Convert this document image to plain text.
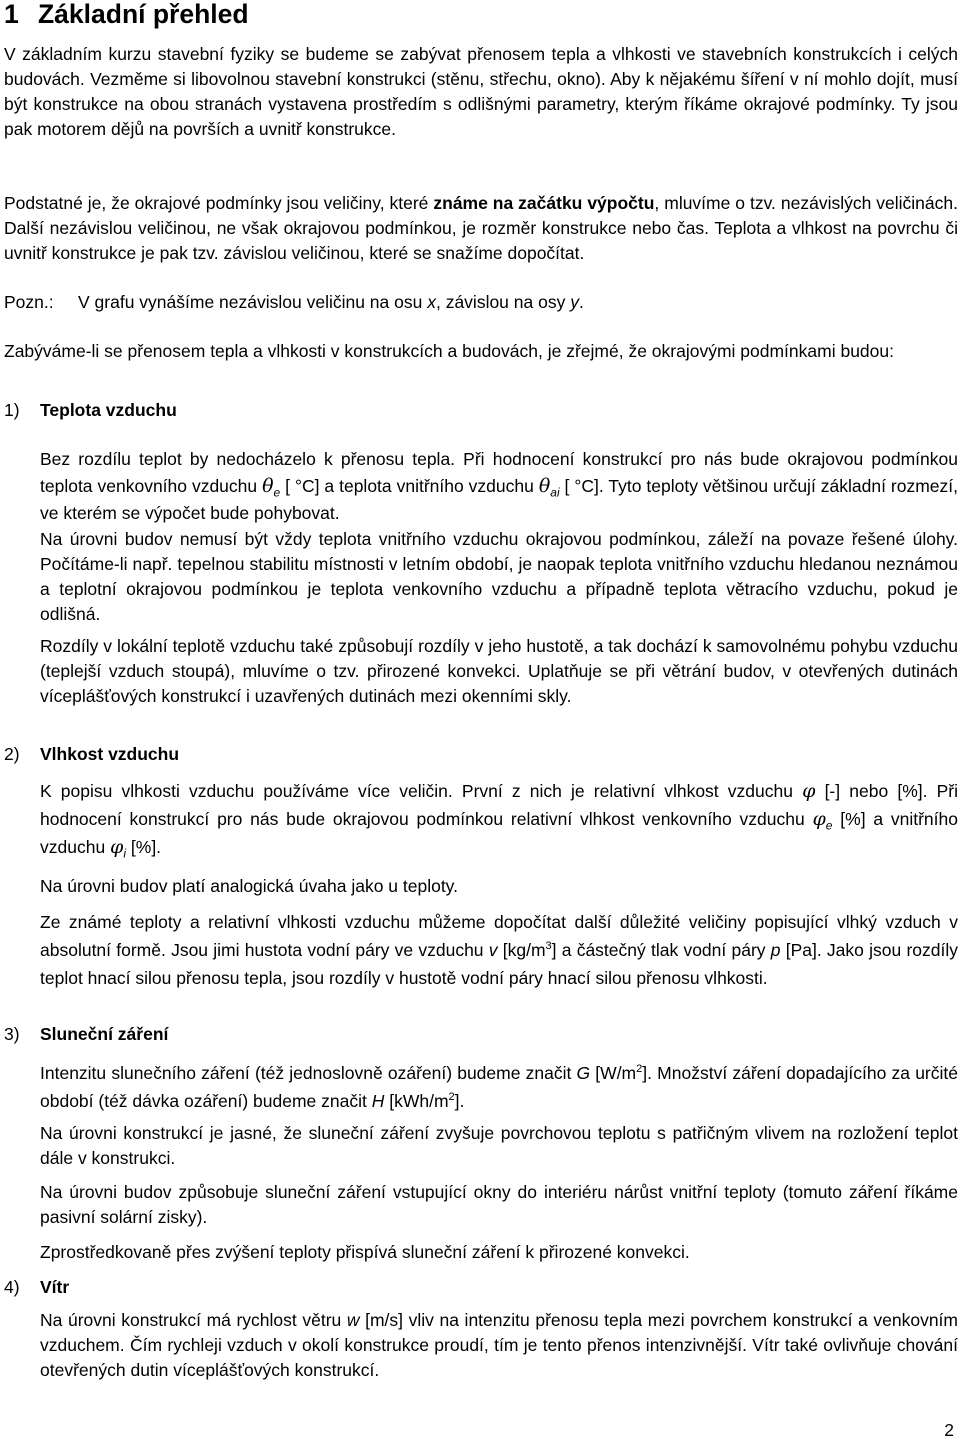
1 Základní přehled
V základním kurzu stavební fyziky se budeme se zabývat přenosem tepla a vlhkosti ve stavebních konstrukcích i celých budovách. Vezměme si libovolnou stavební konstrukci (stěnu, střechu, okno). Aby k nějakému šíření v ní mohlo dojít, musí být konstrukce na obou stranách vystavena prostředím s odlišnými parametry, kterým říkáme okrajové podmínky. Ty jsou pak motorem dějů na površích a uvnitř konstrukce.
Podstatné je, že okrajové podmínky jsou veličiny, které známe na začátku výpočtu, mluvíme o tzv. nezávislých veličinách. Další nezávislou veličinou, ne však okrajovou podmínkou, je rozměr konstrukce nebo čas. Teplota a vlhkost na povrchu či uvnitř konstrukce je pak tzv. závislou veličinou, které se snažíme dopočítat.
Pozn.: V grafu vynášíme nezávislou veličinu na osu x, závislou na osy y.
Zabýváme-li se přenosem tepla a vlhkosti v konstrukcích a budovách, je zřejmé, že okrajovými podmínkami budou:
1) Teplota vzduchu
Bez rozdílu teplot by nedocházelo k přenosu tepla. Při hodnocení konstrukcí pro nás bude okrajovou podmínkou teplota venkovního vzduchu $\theta_e$ [ °C] a teplota vnitřního vzduchu $\theta_{ai}$ [ °C]. Tyto teploty většinou určují základní rozmezí, ve kterém se výpočet bude pohybovat.
Na úrovni budov nemusí být vždy teplota vnitřního vzduchu okrajovou podmínkou, záleží na povaze řešené úlohy. Počítáme-li např. tepelnou stabilitu místnosti v letním období, je naopak teplota vnitřního vzduchu hledanou neznámou a teplotní okrajovou podmínkou je teplota venkovního vzduchu a případně teplota větracího vzduchu, pokud je odlišná.
Rozdíly v lokální teplotě vzduchu také způsobují rozdíly v jeho hustotě, a tak dochází k samovolnému pohybu vzduchu (teplejší vzduch stoupá), mluvíme o tzv. přirozené konvekci. Uplatňuje se při větrání budov, v otevřených dutinách víceplášťových konstrukcí i uzavřených dutinách mezi okenními skly.
2) Vlhkost vzduchu
K popisu vlhkosti vzduchu používáme více veličin. První z nich je relativní vlhkost vzduchu φ [-] nebo [%]. Při hodnocení konstrukcí pro nás bude okrajovou podmínkou relativní vlhkost venkovního vzduchu $\varphi_e$ [%] a vnitřního vzduchu $\varphi_i$ [%].
Na úrovni budov platí analogická úvaha jako u teploty.
Ze známé teploty a relativní vlhkosti vzduchu můžeme dopočítat další důležité veličiny popisující vlhký vzduch v absolutní formě. Jsou jimi hustota vodní páry ve vzduchu v $[kg/m^3]$ a částečný tlak vodní páry p [Pa]. Jako jsou rozdíly teplot hnací silou přenosu tepla, jsou rozdíly v hustotě vodní páry hnací silou přenosu vlhkosti.
3) Sluneční záření
Intenzitu slunečního záření (též jednoslovně ozáření) budeme značit G $[W/m^2]$. Množství záření dopadajícího za určité období (též dávka ozáření) budeme značit H $[kWh/m^2]$.
Na úrovni konstrukcí je jasné, že sluneční záření zvyšuje povrchovou teplotu s patřičným vlivem na rozložení teplot dále v konstrukci.
Na úrovni budov způsobuje sluneční záření vstupující okny do interiéru nárůst vnitřní teploty (tomuto záření říkáme pasivní solární zisky).
Zprostředkovaně přes zvýšení teploty přispívá sluneční záření k přirozené konvekci.
4) Vítr
Na úrovni konstrukcí má rychlost větru w [m/s] vliv na intenzitu přenosu tepla mezi povrchem konstrukcí a venkovním vzduchem. Čím rychleji vzduch v okolí konstrukce proudí, tím je tento přenos intenzivnější. Vítr také ovlivňuje chování otevřených dutin víceplášťových konstrukcí.
2
